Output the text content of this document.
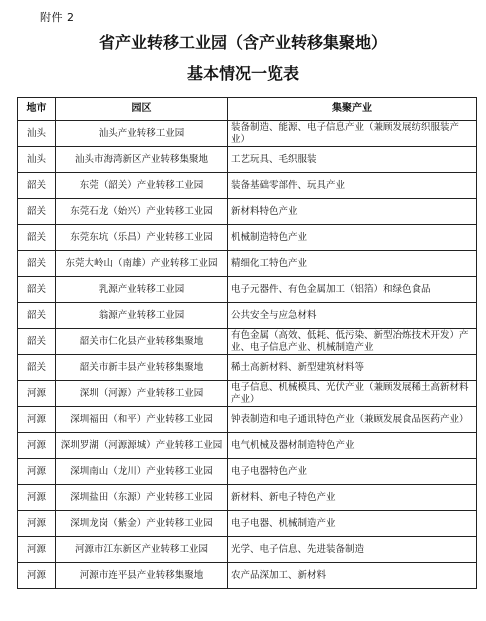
附件 2
省产业转移工业园（含产业转移集聚地）
基本情况一览表
地市	园区	集聚产业
汕头	汕头产业转移工业园	装备制造、能源、电子信息产业（兼顾发展纺织服装产业）
汕头	汕头市海湾新区产业转移集聚地	工艺玩具、毛织服装
韶关	东莞（韶关）产业转移工业园	装备基础零部件、玩具产业
韶关	东莞石龙（始兴）产业转移工业园	新材料特色产业
韶关	东莞东坑（乐昌）产业转移工业园	机械制造特色产业
韶关	东莞大岭山（南雄）产业转移工业园	精细化工特色产业
韶关	乳源产业转移工业园	电子元器件、有色金属加工（铝箔）和绿色食品
韶关	翁源产业转移工业园	公共安全与应急材料
韶关	韶关市仁化县产业转移集聚地	有色金属（高效、低耗、低污染、新型冶炼技术开发）产业、电子信息产业、机械制造产业
韶关	韶关市新丰县产业转移集聚地	稀土高新材料、新型建筑材料等
河源	深圳（河源）产业转移工业园	电子信息、机械模具、光伏产业（兼顾发展稀土高新材料产业）
河源	深圳福田（和平）产业转移工业园	钟表制造和电子通讯特色产业（兼顾发展食品医药产业）
河源	深圳罗湖（河源源城）产业转移工业园	电气机械及器材制造特色产业
河源	深圳南山（龙川）产业转移工业园	电子电器特色产业
河源	深圳盐田（东源）产业转移工业园	新材料、新电子特色产业
河源	深圳龙岗（紫金）产业转移工业园	电子电器、机械制造产业
河源	河源市江东新区产业转移工业园	光学、电子信息、先进装备制造
河源	河源市连平县产业转移集聚地	农产品深加工、新材料
